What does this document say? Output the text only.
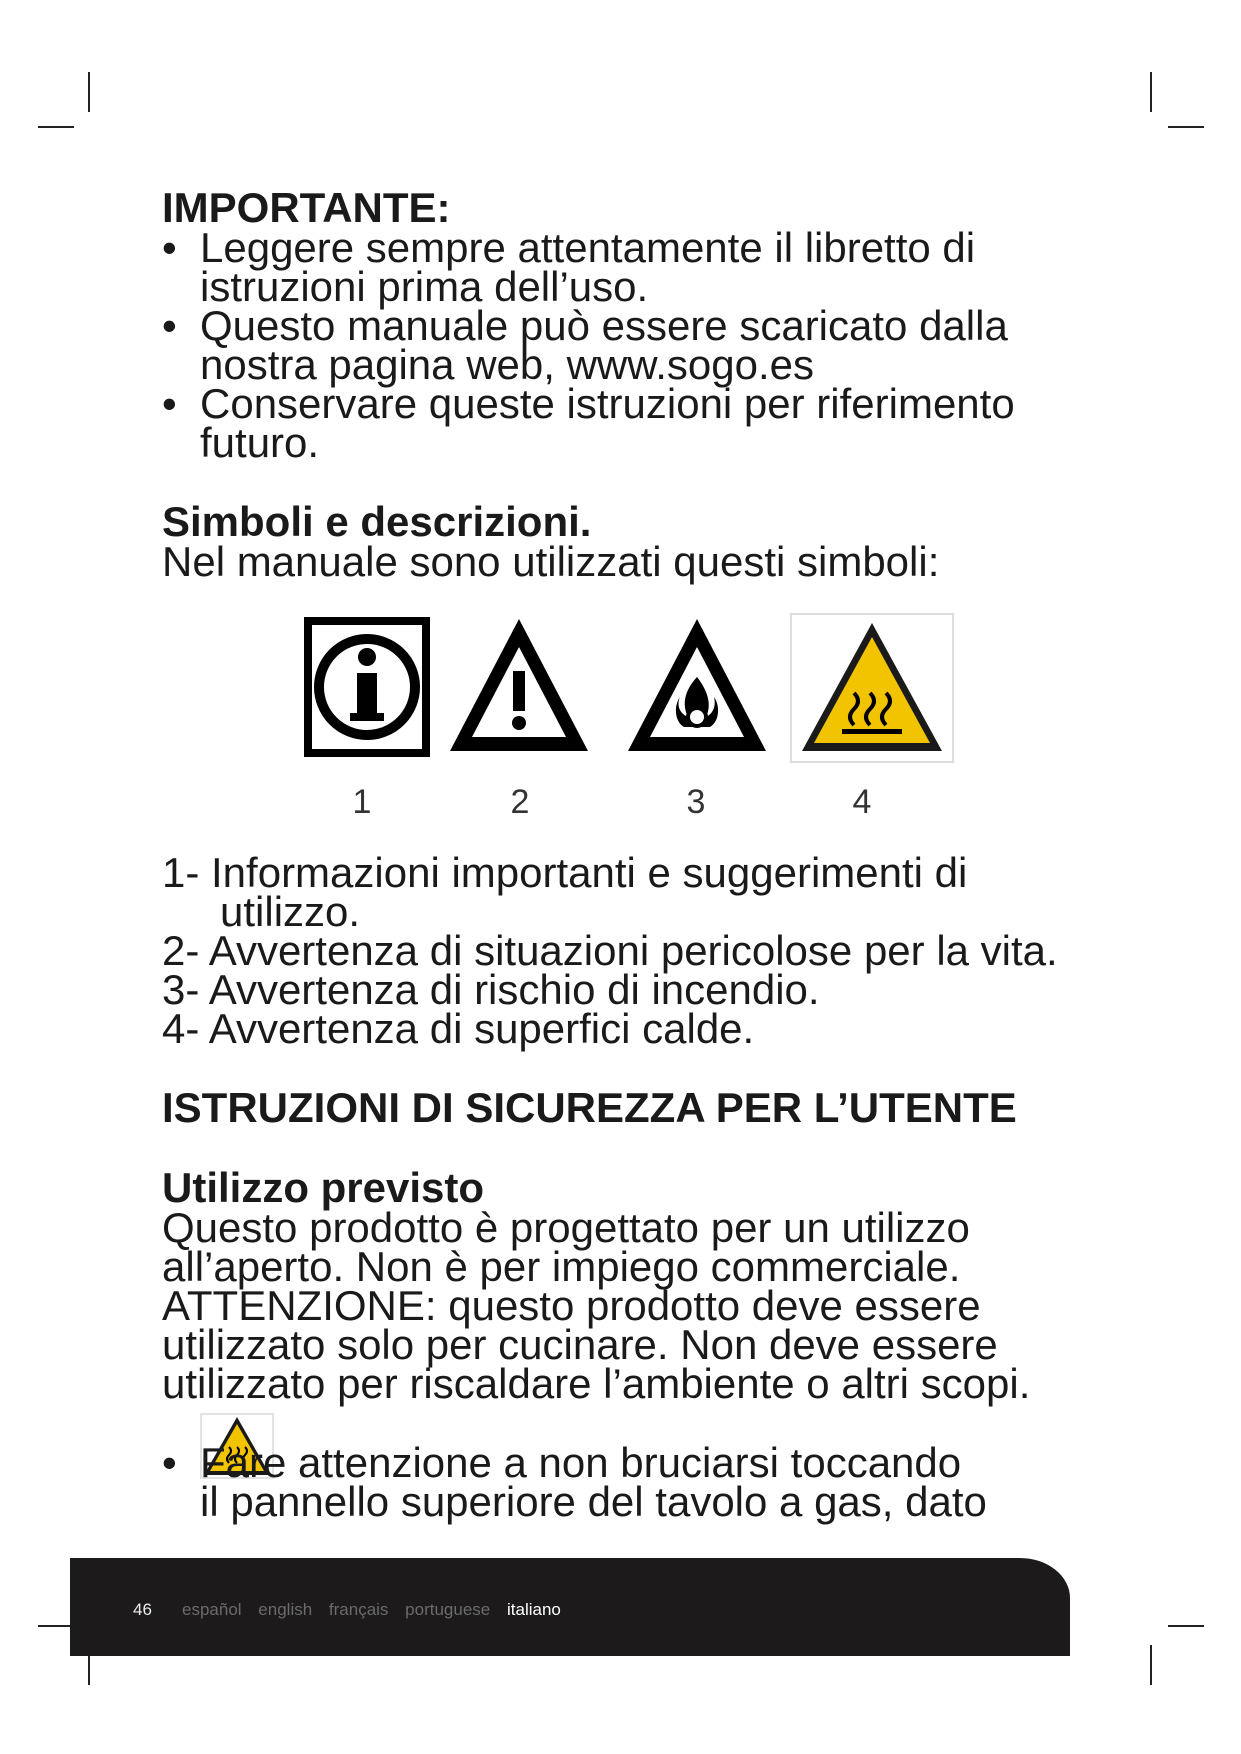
IMPORTANTE:
• Leggere sempre attentamente il libretto di
istruzioni prima dell’uso.
• Questo manuale può essere scaricato dalla
nostra pagina web, www.sogo.es
• Conservare queste istruzioni per riferimento
futuro.
Simboli e descrizioni.

Nel manuale sono utilizzati questi simboli:

1	2	3	4
1- Informazioni importanti e suggerimenti di
utilizzo.
2- Avvertenza di situazioni pericolose per la vita.
3- Avvertenza di rischio di incendio.
4- Avvertenza di superfici calde.
ISTRUZIONI DI SICUREZZA PER L’UTENTE
Utilizzo previsto
Questo prodotto è progettato per un utilizzo
all’aperto. Non è per impiego commerciale.
ATTENZIONE: questo prodotto deve essere
utilizzato solo per cucinare. Non deve essere
utilizzato per riscaldare l’ambiente o altri scopi.
• Fare attenzione a non bruciarsi toccando
il pannello superiore del tavolo a gas, dato
46 español english français portuguese italiano
